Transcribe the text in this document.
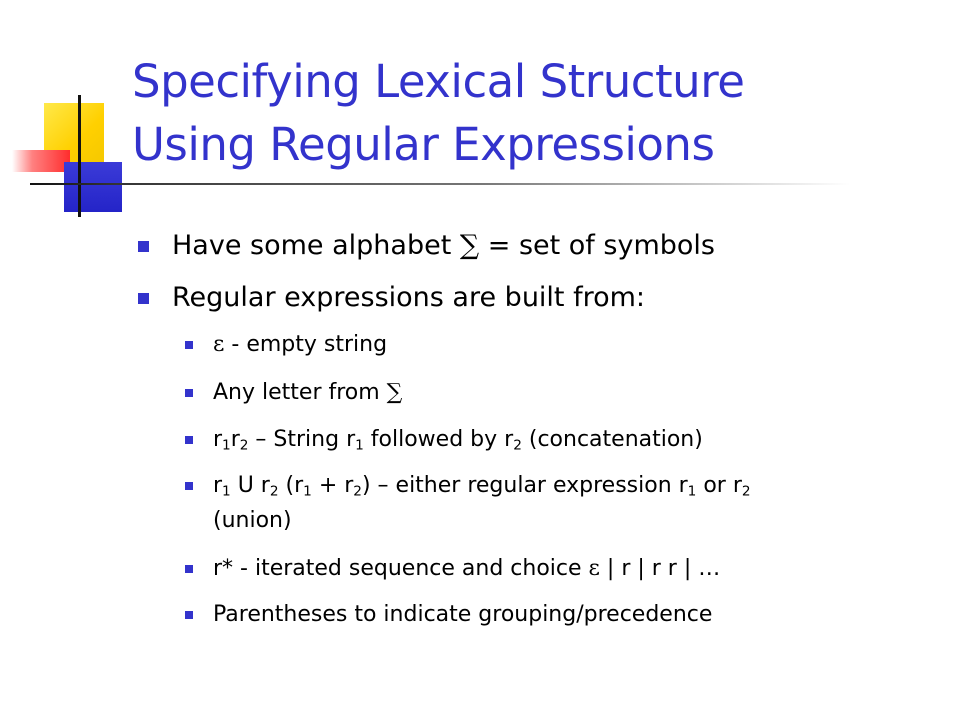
Specifying Lexical Structure
Using Regular Expressions
Have some alphabet ∑ = set of symbols
Regular expressions are built from:
ε - empty string
Any letter from ∑
$r_1r_2$ – String $r_1$ followed by $r_2$ (concatenation)
$r_1$ U $r_2$ $(r_1 + r_2)$ – either regular expression $r_1$ or $r_2$
(union)
r* - iterated sequence and choice ε | r | r r | …
Parentheses to indicate grouping/precedence
